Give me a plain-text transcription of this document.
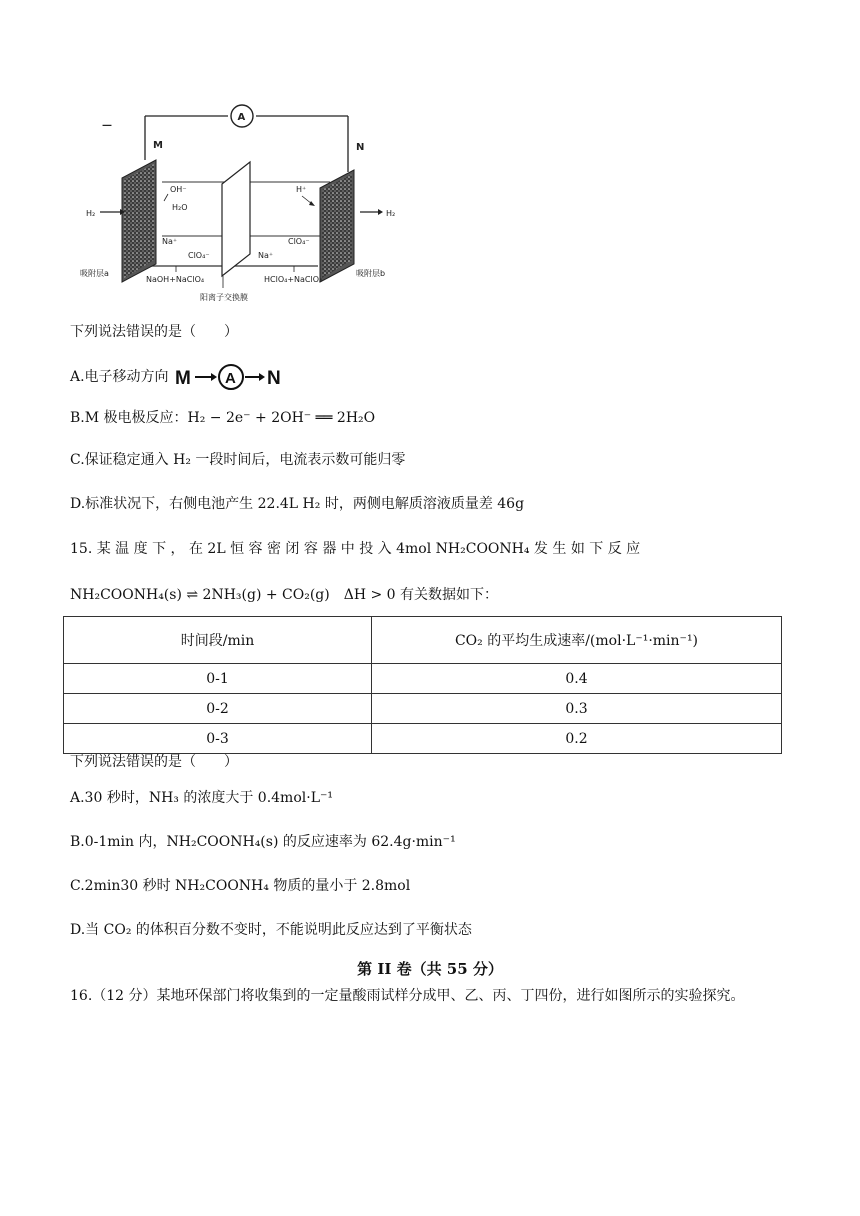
—
A
M	N
H₂	H₂
OH⁻
H₂O
H⁺
Na⁺
ClO₄⁻	Na⁺
ClO₄⁻
吸附层a
NaOH+NaClO₄	HClO₄+NaClO₄
吸附层b
阳离子交换膜
下列说法错误的是（　　）
A.电子移动方向 M A N
B.M 极电极反应：H₂ − 2e⁻ + 2OH⁻ ══ 2H₂O
C.保证稳定通入 H₂ 一段时间后，电流表示数可能归零
D.标准状况下，右侧电池产生 22.4L H₂ 时，两侧电解质溶液质量差 46g
15. 某 温 度 下 ， 在 2L 恒 容 密 闭 容 器 中 投 入 4mol NH₂COONH₄ 发 生 如 下 反 应
NH₂COONH₄(s) ⇌ 2NH₃(g) + CO₂(g)　ΔH > 0 有关数据如下：
时间段/min	CO₂ 的平均生成速率/(mol·L⁻¹·min⁻¹)
0-1	0.4
0-2	0.3
0-3	0.2
下列说法错误的是（　　）
A.30 秒时，NH₃ 的浓度大于 0.4mol·L⁻¹
B.0-1min 内，NH₂COONH₄(s) 的反应速率为 62.4g·min⁻¹
C.2min30 秒时 NH₂COONH₄ 物质的量小于 2.8mol
D.当 CO₂ 的体积百分数不变时，不能说明此反应达到了平衡状态
第 II 卷（共 55 分）
16.（12 分）某地环保部门将收集到的一定量酸雨试样分成甲、乙、丙、丁四份，进行如图所示的实验探究。
